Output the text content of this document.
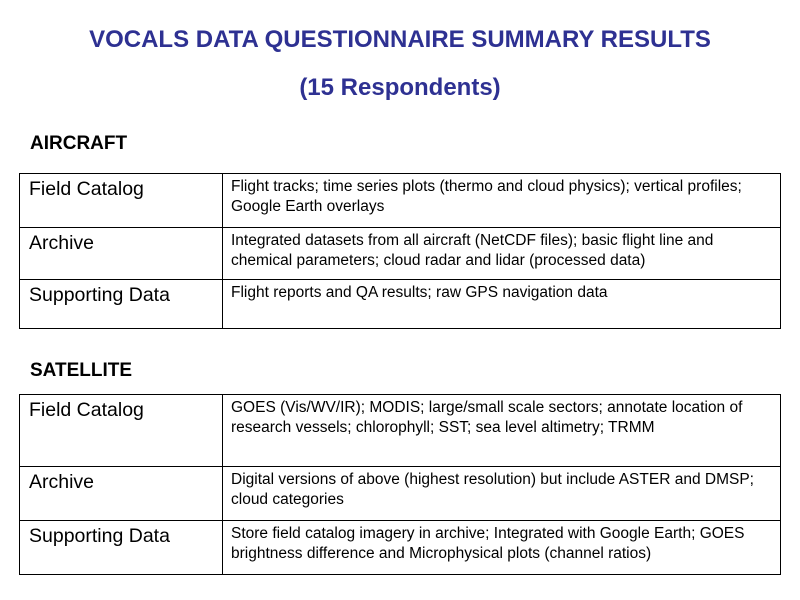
VOCALS DATA QUESTIONNAIRE SUMMARY RESULTS
(15 Respondents)
AIRCRAFT
Field Catalog	Flight tracks; time series plots (thermo and cloud physics); vertical profiles; Google Earth overlays
Archive	Integrated datasets from all aircraft (NetCDF files); basic flight line and chemical parameters; cloud radar and lidar (processed data)
Supporting Data	Flight reports and QA results; raw GPS navigation data
SATELLITE
Field Catalog	GOES (Vis/WV/IR); MODIS; large/small scale sectors; annotate location of research vessels; chlorophyll; SST; sea level altimetry; TRMM
Archive	Digital versions of above (highest resolution) but include ASTER and DMSP; cloud categories
Supporting Data	Store field catalog imagery in archive; Integrated with Google Earth; GOES brightness difference and Microphysical plots (channel ratios)
